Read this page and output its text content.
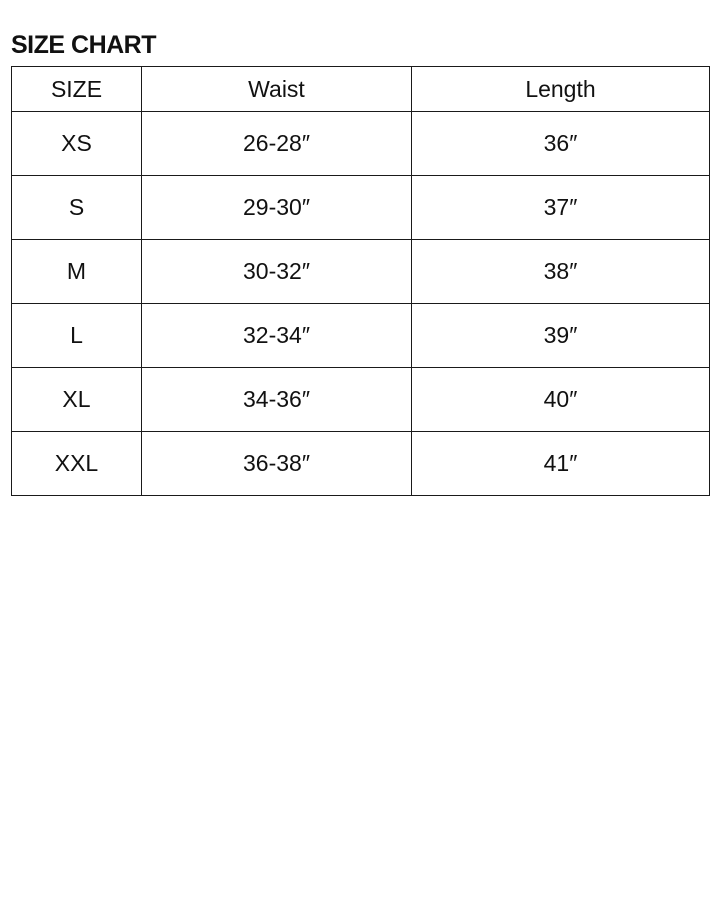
SIZE CHART
SIZE	Waist	Length
XS	26-28″	36″
S	29-30″	37″
M	30-32″	38″
L	32-34″	39″
XL	34-36″	40″
XXL	36-38″	41″
